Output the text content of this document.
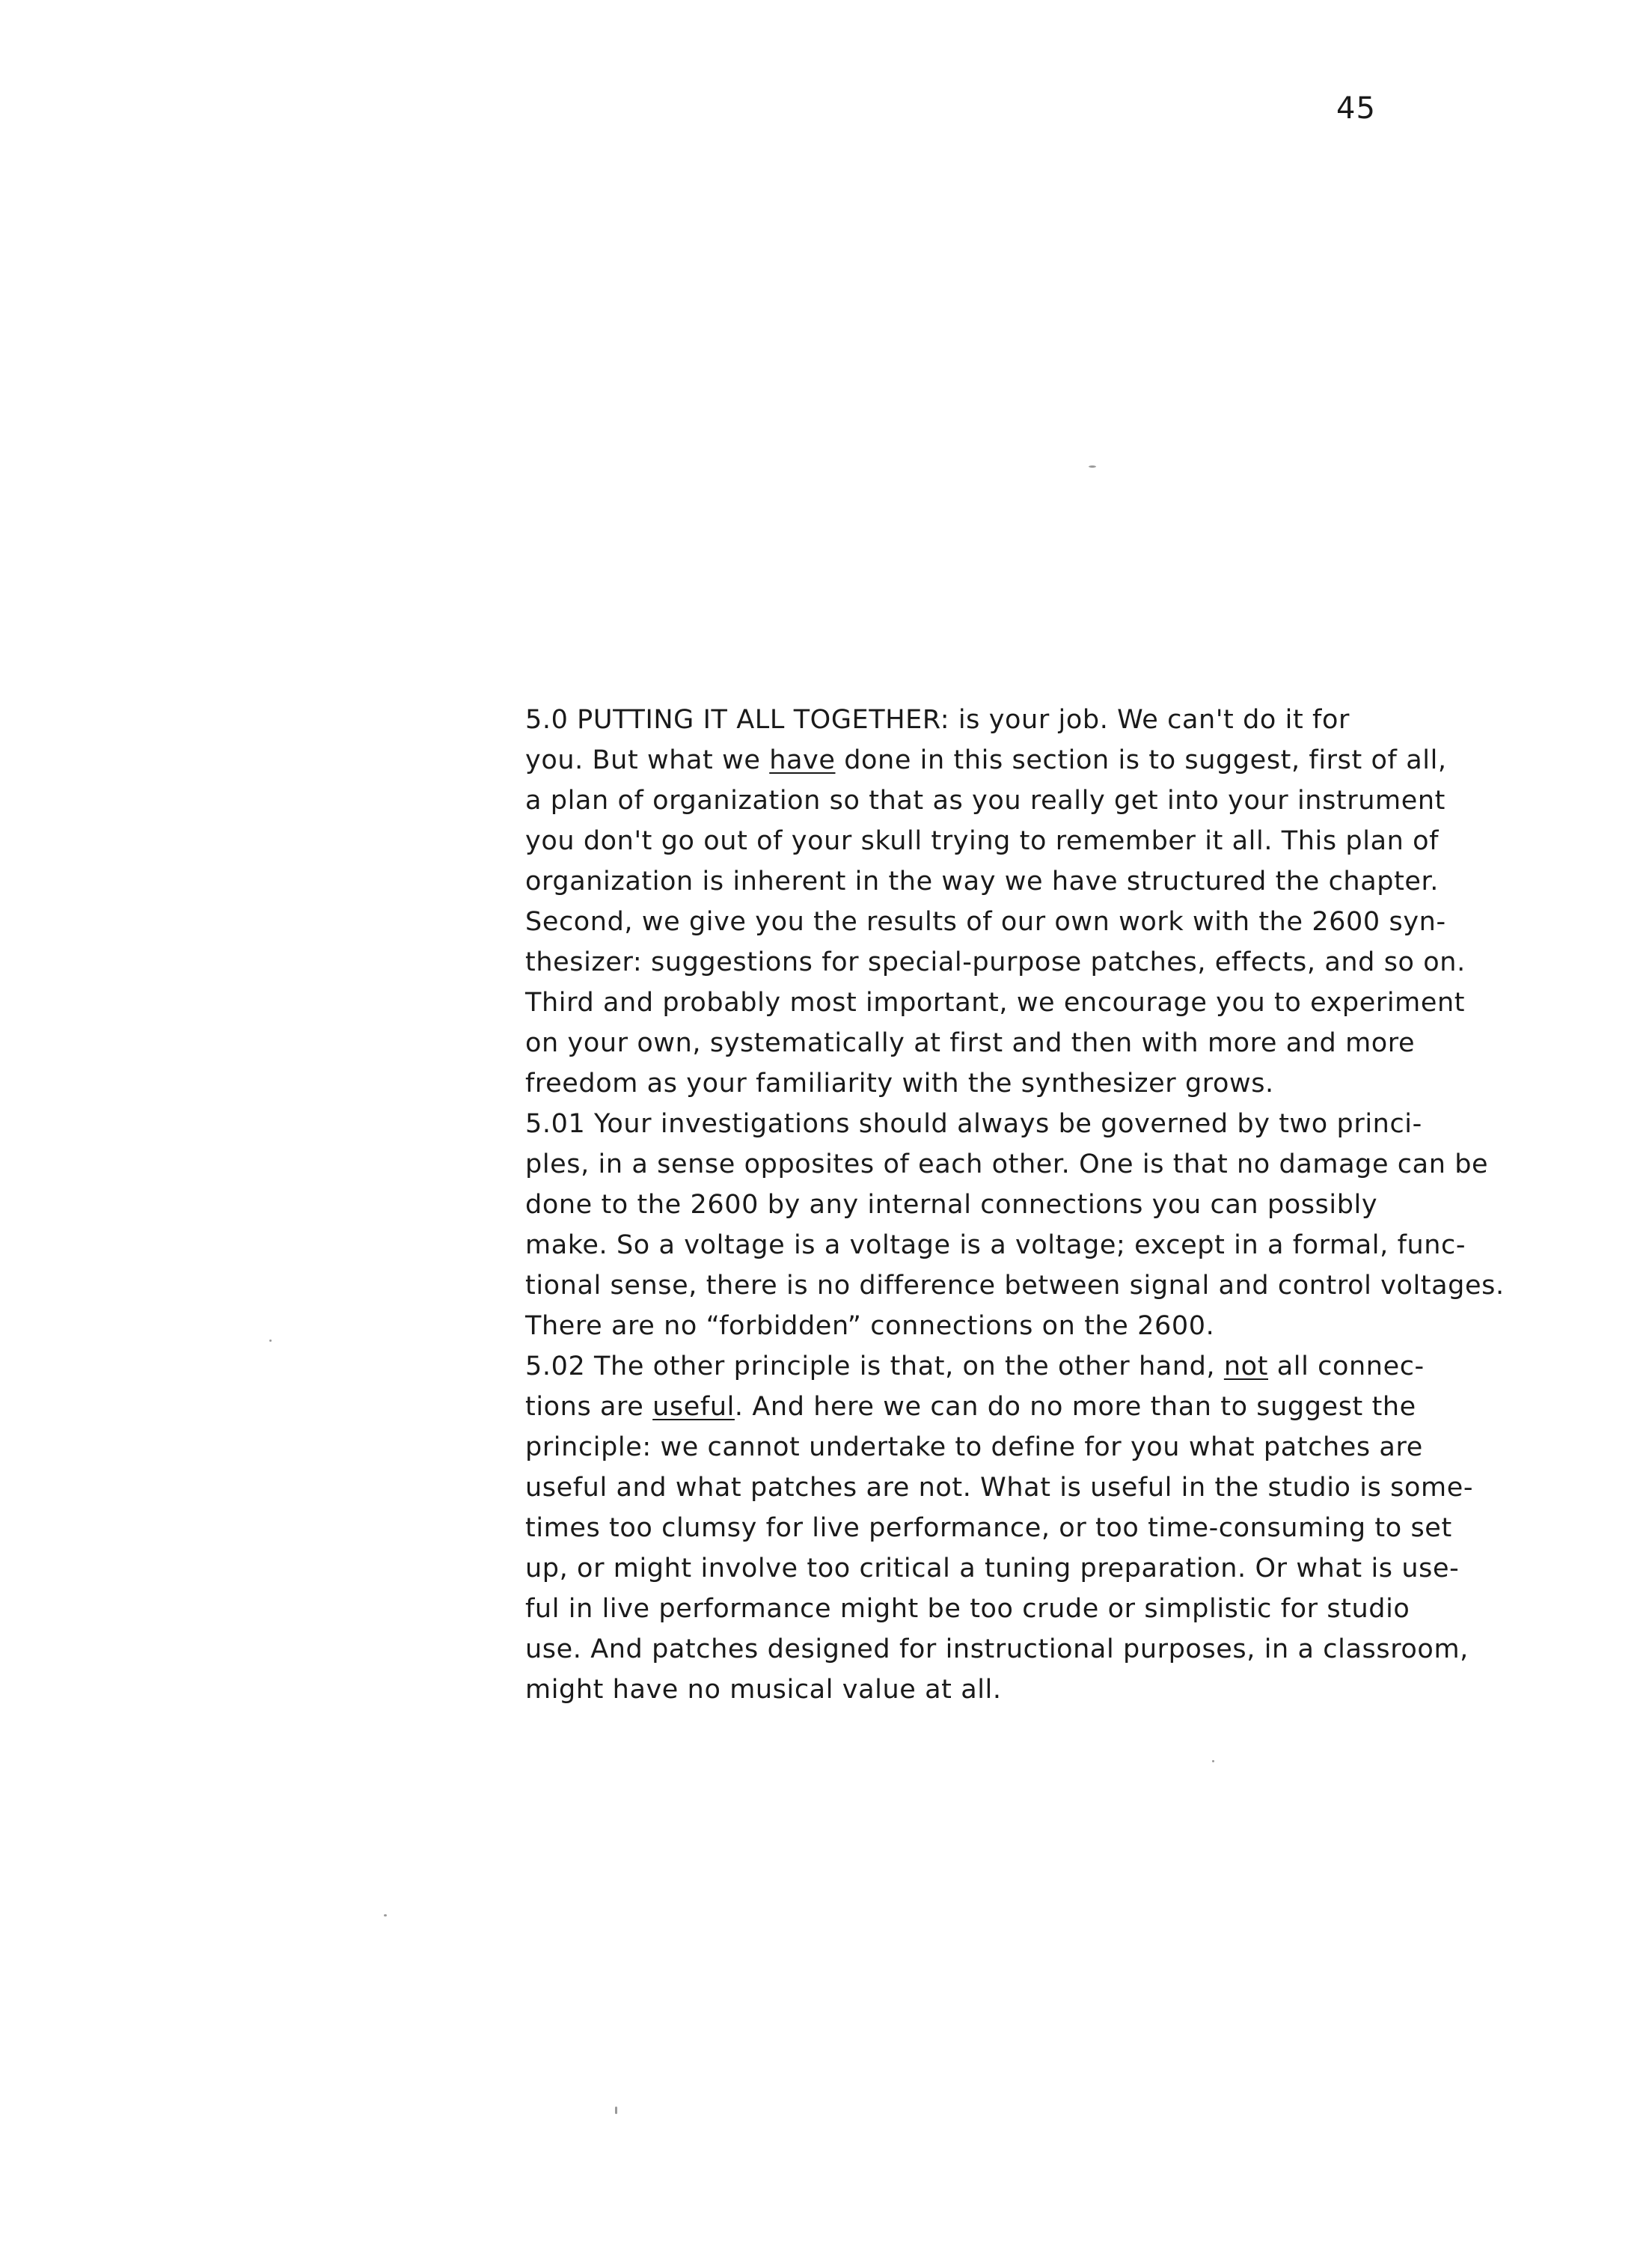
45
5.0 PUTTING IT ALL TOGETHER: is your job. We can't do it for
you. But what we have done in this section is to suggest, first of all,
a plan of organization so that as you really get into your instrument
you don't go out of your skull trying to remember it all. This plan of
organization is inherent in the way we have structured the chapter.
Second, we give you the results of our own work with the 2600 syn-
thesizer: suggestions for special-purpose patches, effects, and so on.
Third and probably most important, we encourage you to experiment
on your own, systematically at first and then with more and more
freedom as your familiarity with the synthesizer grows.
5.01 Your investigations should always be governed by two princi-
ples, in a sense opposites of each other. One is that no damage can be
done to the 2600 by any internal connections you can possibly
make. So a voltage is a voltage is a voltage; except in a formal, func-
tional sense, there is no difference between signal and control voltages.
There are no “forbidden” connections on the 2600.
5.02 The other principle is that, on the other hand, not all connec-
tions are useful. And here we can do no more than to suggest the
principle: we cannot undertake to define for you what patches are
useful and what patches are not. What is useful in the studio is some-
times too clumsy for live performance, or too time-consuming to set
up, or might involve too critical a tuning preparation. Or what is use-
ful in live performance might be too crude or simplistic for studio
use. And patches designed for instructional purposes, in a classroom,
might have no musical value at all.
